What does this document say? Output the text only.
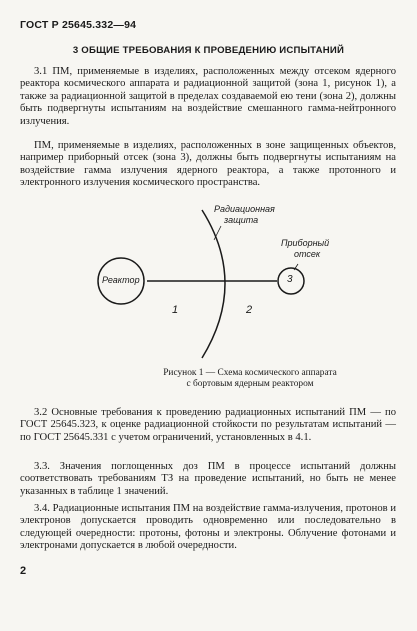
ГОСТ Р 25645.332—94
3 ОБЩИЕ ТРЕБОВАНИЯ К ПРОВЕДЕНИЮ ИСПЫТАНИЙ

3.1 ПМ, применяемые в изделиях, расположенных между отсеком ядерного реактора космического аппарата и радиационной защитой (зона 1, рисунок 1), а также за радиационной защитой в пределах создаваемой ею тени (зона 2), должны быть подвергнуты испытаниям на воздействие смешанного гамма-нейтронного излучения.

ПМ, применяемые в изделиях, расположенных в зоне защищенных объектов, например приборный отсек (зона 3), должны быть подвергнуты испытаниям на воздействие гамма излучения ядерного реактора, а также протонного и электронного излучения космического пространства.

Реактор
Радиационная
защита
Приборный
отсек
1	2
3
Рисунок 1 — Схема космического аппарата с бортовым ядерным реактором

3.2 Основные требования к проведению радиационных испытаний ПМ — по ГОСТ 25645.323, к оценке радиационной стойкости по результатам испытаний — по ГОСТ 25645.331 с учетом ограничений, установленных в 4.1.

3.3. Значения поглощенных доз ПМ в процессе испытаний должны соответствовать требованиям ТЗ на проведение испытаний, но быть не менее указанных в таблице 1 значений.

3.4. Радиационные испытания ПМ на воздействие гамма-излучения, протонов и электронов допускается проводить одновременно или последовательно в следующей очередности: протоны, фотоны и электроны. Облучение фотонами и электронами допускается в любой очередности.

2
